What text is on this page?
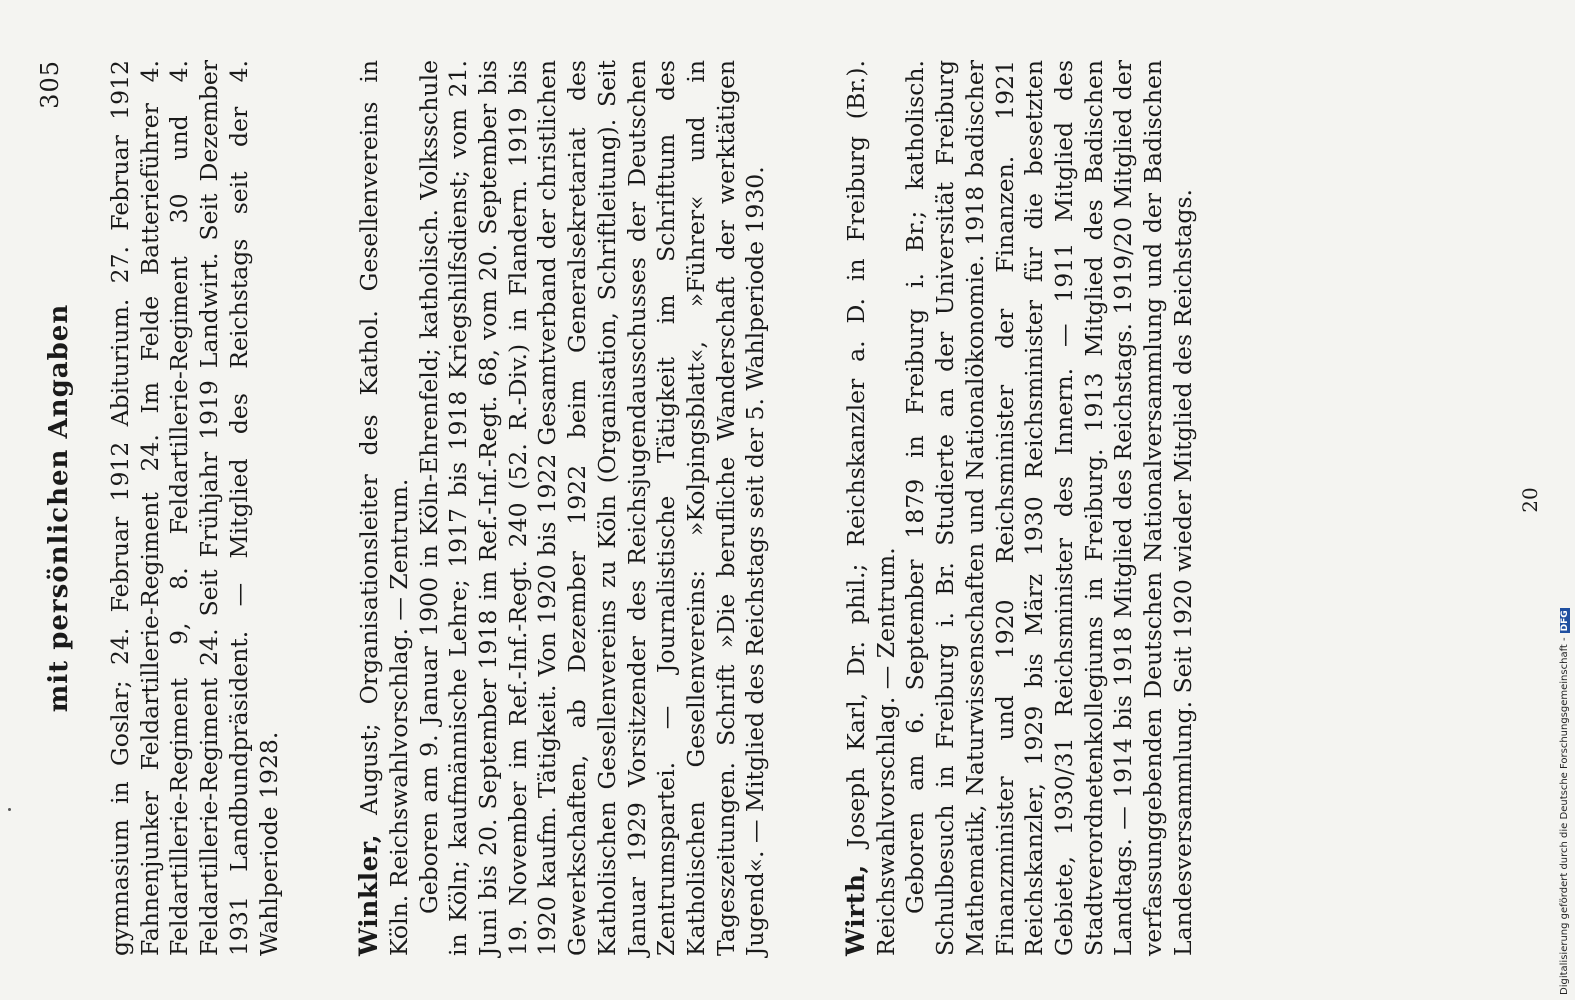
mit persönlichen Angaben
305 gymnasium in Goslar; 24. Februar 1912 Abiturium. 27. Februar 1912 Fahnenjunker Feldartillerie-Regiment 24. Im Felde Batterieführer 4. Feldartillerie-Regiment 9, 8. Feldartillerie-Regiment 30 und 4. Feldartillerie-Regiment 24. Seit Frühjahr 1919 Landwirt. Seit Dezember 1931 Landbundpräsident. — Mitglied des Reichstags seit der 4. Wahlperiode 1928.	Winkler, August; Organisationsleiter des Kathol. Gesellenvereins in Köln. Reichswahlvorschlag. — Zentrum. Geboren am 9. Januar 1900 in Köln-Ehrenfeld; katholisch. Volksschule in Köln; kaufmännische Lehre; 1917 bis 1918 Kriegshilfsdienst; vom 21. Juni bis 20. September 1918 im Ref.-Inf.-Regt. 68, vom 20. September bis 19. November im Ref.-Inf.-Regt. 240 (52. R.-Div.) in Flandern. 1919 bis 1920 kaufm. Tätigkeit. Von 1920 bis 1922 Gesamtverband der christlichen Gewerkschaften, ab Dezember 1922 beim Generalsekretariat des Katholischen Gesellenvereins zu Köln (Organisation, Schriftleitung). Seit Januar 1929 Vorsitzender des Reichsjugendausschusses der Deutschen Zentrumspartei. — Journalistische Tätigkeit im Schrifttum des Katholischen Gesellenvereins: »Kolpingsblatt«, »Führer« und in Tageszeitungen. Schrift »Die berufliche Wanderschaft der werktätigen Jugend«. — Mitglied des Reichstags seit der 5. Wahlperiode 1930.	Wirth, Joseph Karl, Dr. phil.; Reichskanzler a. D. in Freiburg (Br.). Reichswahlvorschlag. — Zentrum. Geboren am 6. September 1879 in Freiburg i. Br.; katholisch. Schulbesuch in Freiburg i. Br. Studierte an der Universität Freiburg Mathematik, Naturwissenschaften und Nationalökonomie. 1918 badischer Finanzminister und 1920 Reichsminister der Finanzen. 1921 Reichskanzler, 1929 bis März 1930 Reichsminister für die besetzten Gebiete, 1930/31 Reichsminister des Innern. — 1911 Mitglied des Stadtverordnetenkollegiums in Freiburg. 1913 Mitglied des Badischen Landtags. — 1914 bis 1918 Mitglied des Reichstags. 1919/20 Mitglied der verfassunggebenden Deutschen Nationalversammlung und der Badischen Landesversammlung. Seit 1920 wieder Mitglied des Reichstags.	20
Digitalisierung gefördert durch die Deutsche Forschungsgemeinschaft -DFG
